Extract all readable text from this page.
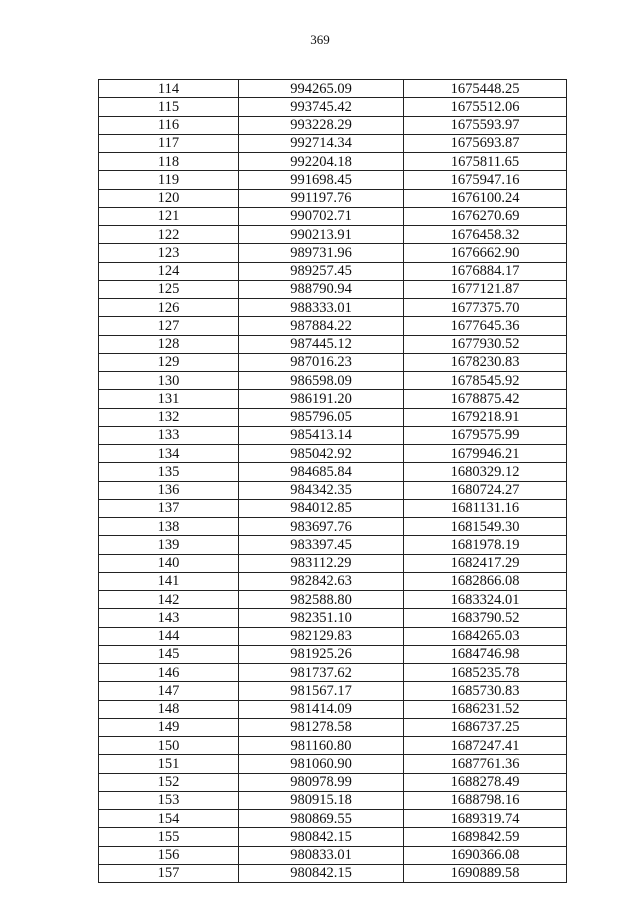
369
114	994265.09	1675448.25
115	993745.42	1675512.06
116	993228.29	1675593.97
117	992714.34	1675693.87
118	992204.18	1675811.65
119	991698.45	1675947.16
120	991197.76	1676100.24
121	990702.71	1676270.69
122	990213.91	1676458.32
123	989731.96	1676662.90
124	989257.45	1676884.17
125	988790.94	1677121.87
126	988333.01	1677375.70
127	987884.22	1677645.36
128	987445.12	1677930.52
129	987016.23	1678230.83
130	986598.09	1678545.92
131	986191.20	1678875.42
132	985796.05	1679218.91
133	985413.14	1679575.99
134	985042.92	1679946.21
135	984685.84	1680329.12
136	984342.35	1680724.27
137	984012.85	1681131.16
138	983697.76	1681549.30
139	983397.45	1681978.19
140	983112.29	1682417.29
141	982842.63	1682866.08
142	982588.80	1683324.01
143	982351.10	1683790.52
144	982129.83	1684265.03
145	981925.26	1684746.98
146	981737.62	1685235.78
147	981567.17	1685730.83
148	981414.09	1686231.52
149	981278.58	1686737.25
150	981160.80	1687247.41
151	981060.90	1687761.36
152	980978.99	1688278.49
153	980915.18	1688798.16
154	980869.55	1689319.74
155	980842.15	1689842.59
156	980833.01	1690366.08
157	980842.15	1690889.58
